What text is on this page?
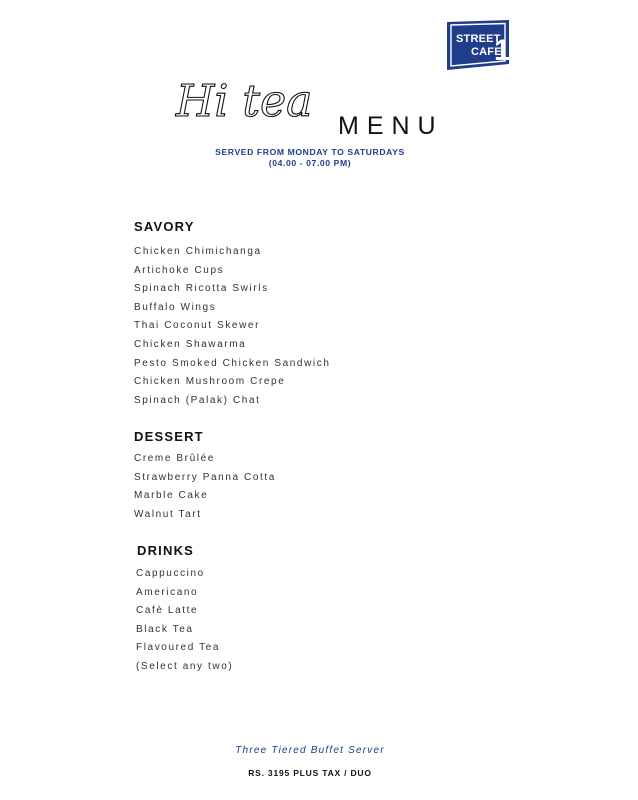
STREET
CAFE
1
Hi tea MENU
SERVED FROM MONDAY TO SATURDAYS
(04.00 - 07.00 PM)
SAVORY
Chicken Chimichanga
Artichoke Cups
Spinach Ricotta Swirls
Buffalo Wings
Thai Coconut Skewer
Chicken Shawarma
Pesto Smoked Chicken Sandwich
Chicken Mushroom Crepe
Spinach (Palak) Chat
DESSERT
Creme Brûlée
Strawberry Panna Cotta
Marble Cake
Walnut Tart
DRINKS
Cappuccino
Americano
Cafè Latte
Black Tea
Flavoured Tea
(Select any two)
Three Tiered Buffet Server
RS. 3195 PLUS TAX / DUO
